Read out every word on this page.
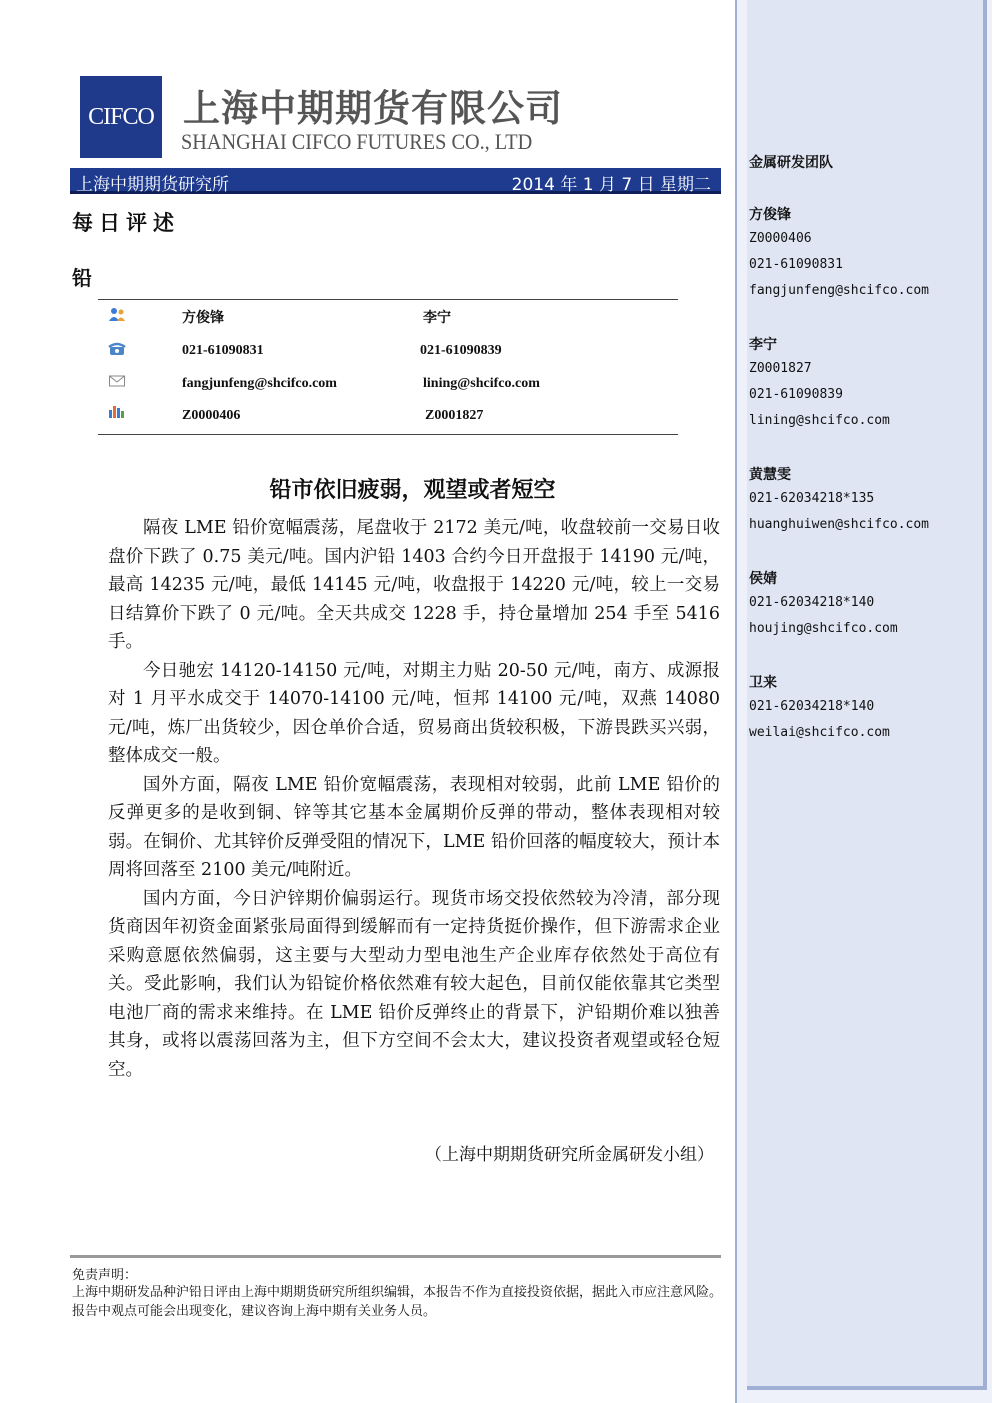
金属研发团队
方俊锋
Z0000406
021-61090831
fangjunfeng@shcifco.com
李宁
Z0001827
021-61090839
lining@shcifco.com
黄慧雯
021-62034218*135
huanghuiwen@shcifco.com
侯婧
021-62034218*140
houjing@shcifco.com
卫来
021-62034218*140
weilai@shcifco.com
CIFCO 上海中期期货有限公司
SHANGHAI CIFCO FUTURES CO., LTD
上海中期期货研究所	2014 年 1 月 7 日 星期二
每日评述
铅
方俊锋	李宁
021-61090831	021-61090839
fangjunfeng@shcifco.com	lining@shcifco.com
Z0000406	Z0001827
铅市依旧疲弱，观望或者短空

隔夜 LME 铅价宽幅震荡，尾盘收于 2172 美元/吨，收盘较前一交易日收盘价下跌了 0.75 美元/吨。国内沪铅 1403 合约今日开盘报于 14190 元/吨，最高 14235 元/吨，最低 14145 元/吨，收盘报于 14220 元/吨，较上一交易日结算价下跌了 0 元/吨。全天共成交 1228 手，持仓量增加 254 手至 5416 手。

今日驰宏 14120-14150 元/吨，对期主力贴 20-50 元/吨，南方、成源报对 1 月平水成交于 14070-14100 元/吨，恒邦 14100 元/吨，双燕 14080 元/吨，炼厂出货较少，因仓单价合适，贸易商出货较积极，下游畏跌买兴弱，整体成交一般。

国外方面，隔夜 LME 铅价宽幅震荡，表现相对较弱，此前 LME 铅价的反弹更多的是收到铜、锌等其它基本金属期价反弹的带动，整体表现相对较弱。在铜价、尤其锌价反弹受阻的情况下，LME 铅价回落的幅度较大，预计本周将回落至 2100 美元/吨附近。

国内方面，今日沪锌期价偏弱运行。现货市场交投依然较为冷清，部分现货商因年初资金面紧张局面得到缓解而有一定持货挺价操作，但下游需求企业采购意愿依然偏弱，这主要与大型动力型电池生产企业库存依然处于高位有关。受此影响，我们认为铅锭价格依然难有较大起色，目前仅能依靠其它类型电池厂商的需求来维持。在 LME 铅价反弹终止的背景下，沪铅期价难以独善其身，或将以震荡回落为主，但下方空间不会太大，建议投资者观望或轻仓短空。

（上海中期期货研究所金属研发小组）
免责声明：
上海中期研发品种沪铅日评由上海中期期货研究所组织编辑，本报告不作为直接投资依据，据此入市应注意风险。报告中观点可能会出现变化，建议咨询上海中期有关业务人员。
